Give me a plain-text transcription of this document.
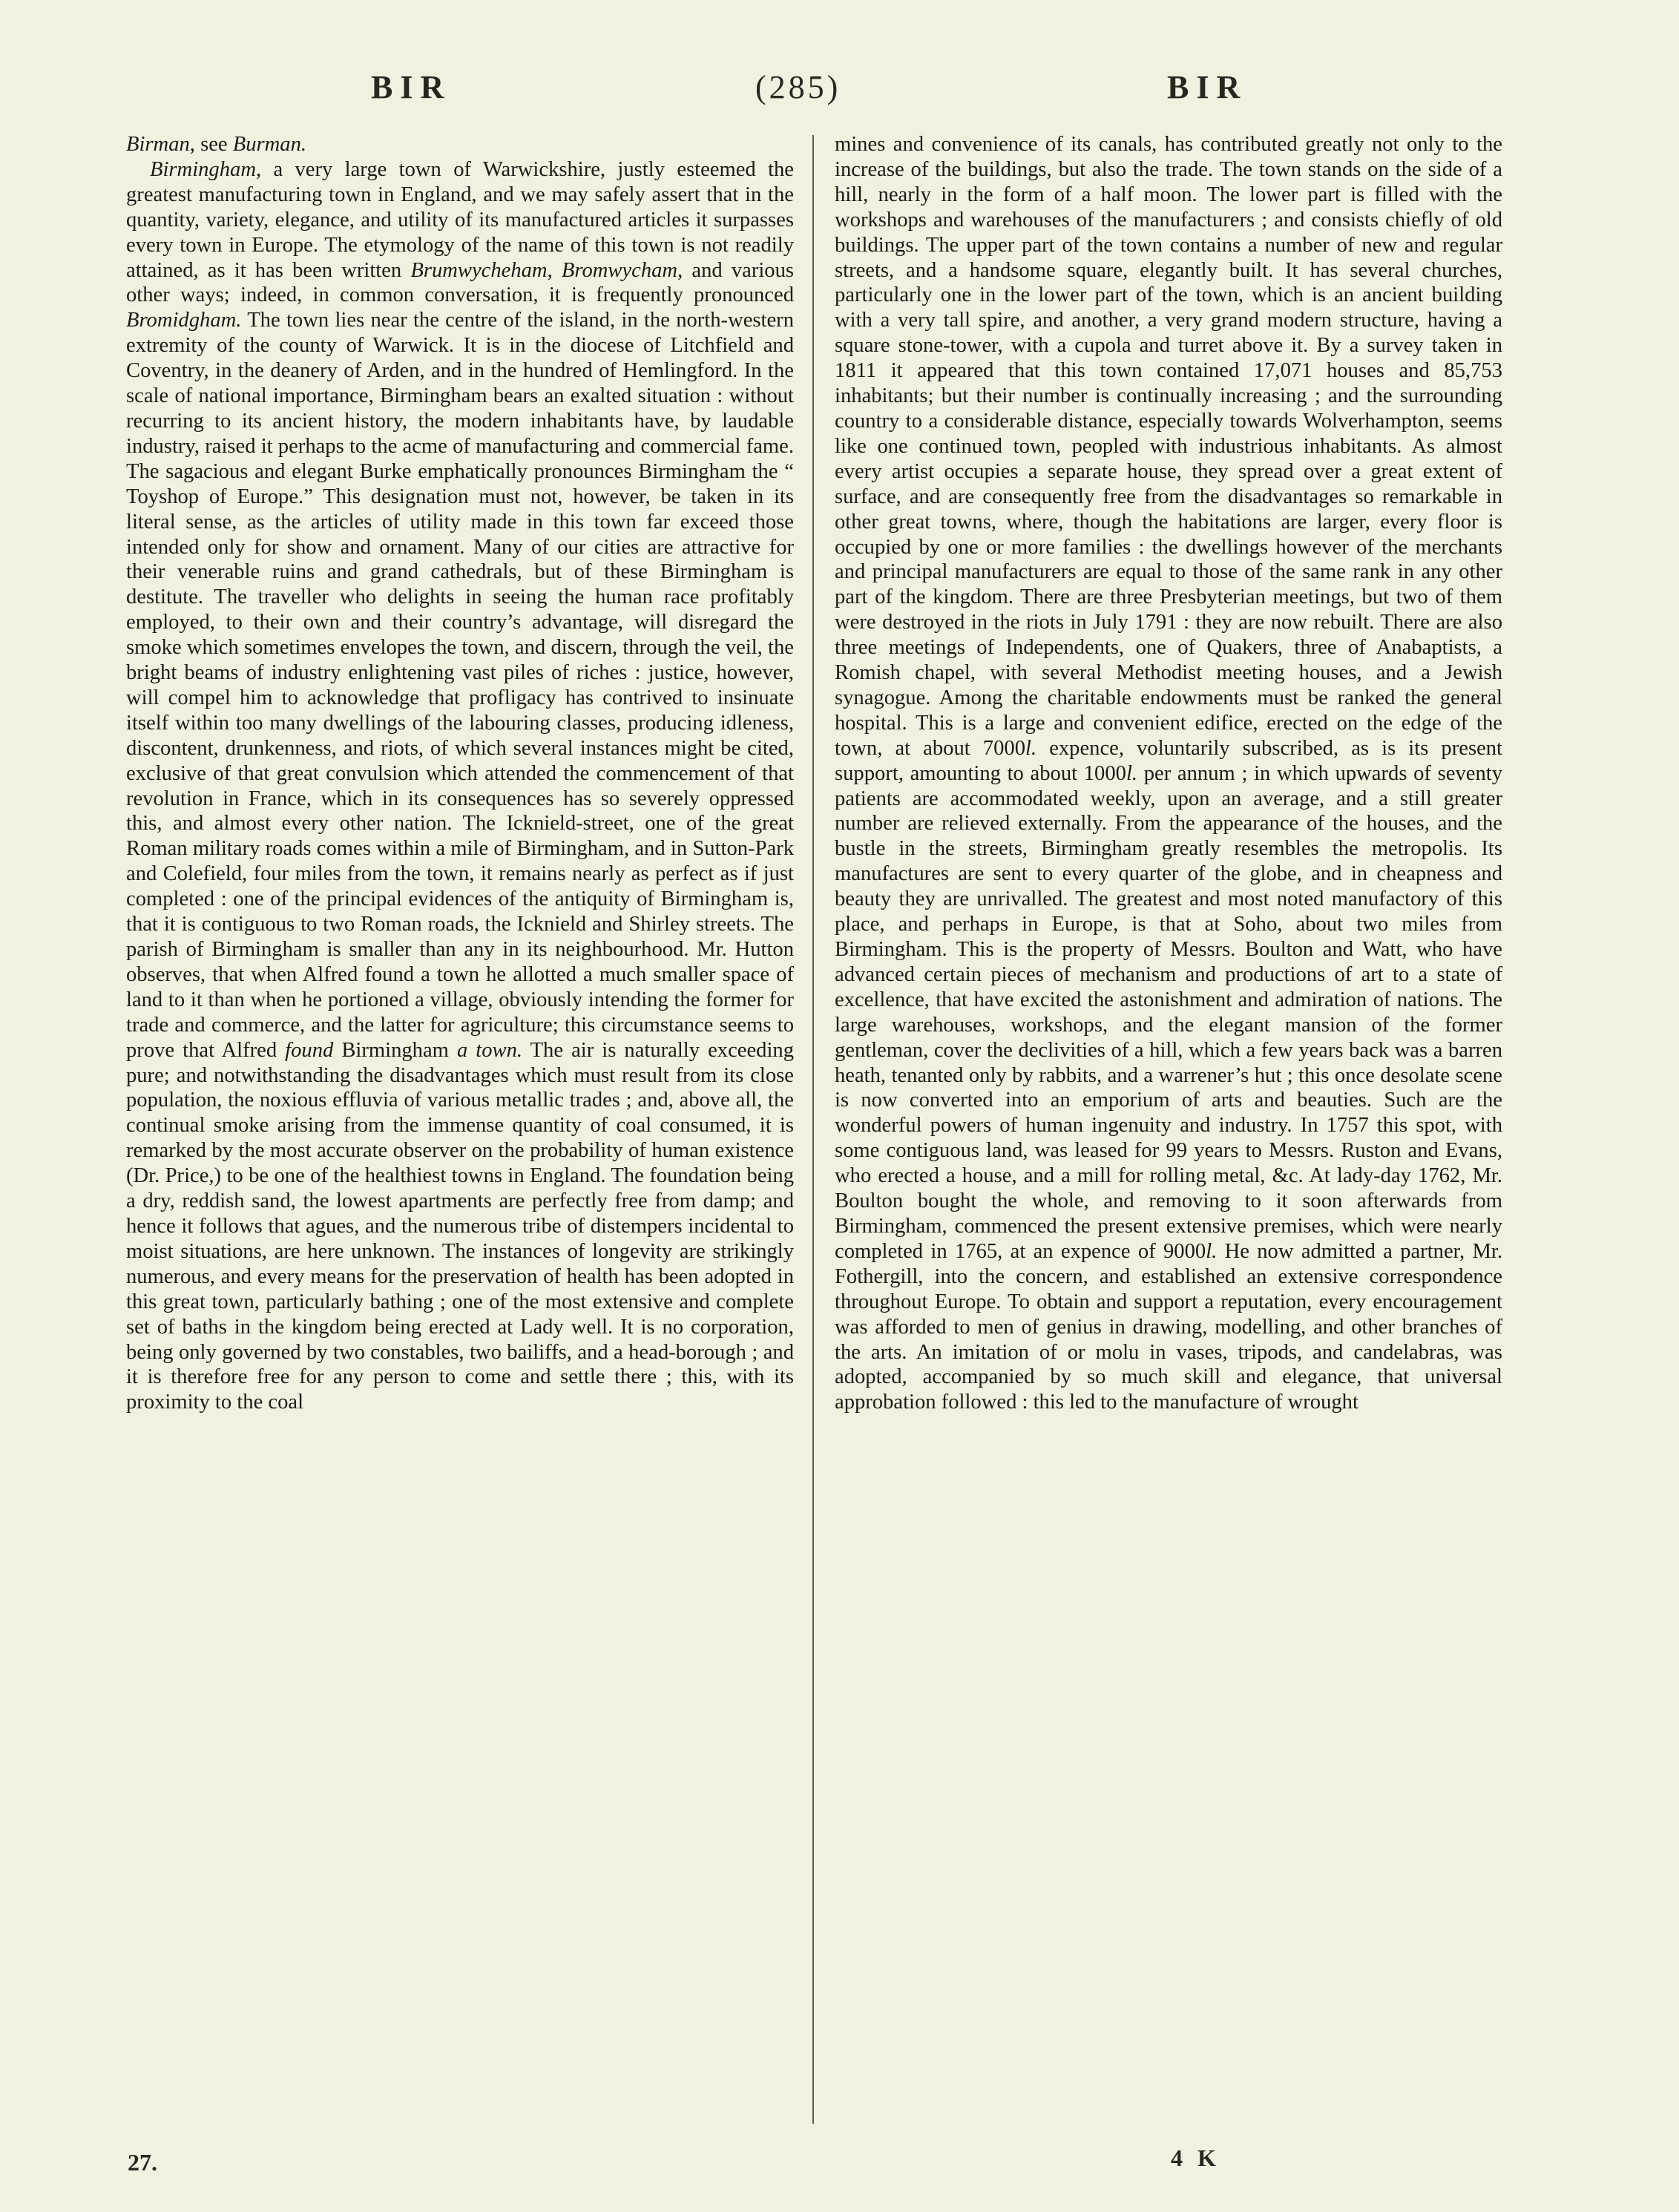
BIR	(285)	BIR

Birman, see Burman.

Birmingham, a very large town of Warwickshire, justly esteemed the greatest manufacturing town in England, and we may safely assert that in the quantity, variety, elegance, and utility of its manufactured articles it surpasses every town in Europe. The etymology of the name of this town is not readily attained, as it has been written Brumwycheham, Bromwycham, and various other ways; indeed, in common conversation, it is frequently pronounced Bromidgham. The town lies near the centre of the island, in the north-western extremity of the county of Warwick. It is in the diocese of Litchfield and Coventry, in the deanery of Arden, and in the hundred of Hemlingford. In the scale of national importance, Birmingham bears an exalted situation : without recurring to its ancient history, the modern inhabitants have, by laudable industry, raised it perhaps to the acme of manufacturing and commercial fame. The sagacious and elegant Burke emphatically pronounces Birmingham the “ Toyshop of Europe.” This designation must not, however, be taken in its literal sense, as the articles of utility made in this town far exceed those intended only for show and ornament. Many of our cities are attractive for their venerable ruins and grand cathedrals, but of these Birmingham is destitute. The traveller who delights in seeing the human race profitably employed, to their own and their country’s advantage, will disregard the smoke which sometimes envelopes the town, and discern, through the veil, the bright beams of industry enlightening vast piles of riches : justice, however, will compel him to acknowledge that profligacy has contrived to insinuate itself within too many dwellings of the labouring classes, producing idleness, discontent, drunkenness, and riots, of which several instances might be cited, exclusive of that great convulsion which attended the commencement of that revolution in France, which in its consequences has so severely oppressed this, and almost every other nation. The Icknield-street, one of the great Roman military roads comes within a mile of Birmingham, and in Sutton-Park and Colefield, four miles from the town, it remains nearly as perfect as if just completed : one of the principal evidences of the antiquity of Birmingham is, that it is contiguous to two Roman roads, the Icknield and Shirley streets. The parish of Birmingham is smaller than any in its neighbourhood. Mr. Hutton observes, that when Alfred found a town he allotted a much smaller space of land to it than when he portioned a village, obviously intending the former for trade and commerce, and the latter for agriculture; this circumstance seems to prove that Alfred found Birmingham a town. The air is naturally exceeding pure; and notwithstanding the disadvantages which must result from its close population, the noxious effluvia of various metallic trades ; and, above all, the continual smoke arising from the immense quantity of coal consumed, it is remarked by the most accurate observer on the probability of human existence (Dr. Price,) to be one of the healthiest towns in England. The foundation being a dry, reddish sand, the lowest apartments are perfectly free from damp; and hence it follows that agues, and the numerous tribe of distempers incidental to moist situations, are here unknown. The instances of longevity are strikingly numerous, and every means for the preservation of health has been adopted in this great town, particularly bathing ; one of the most extensive and complete set of baths in the kingdom being erected at Lady well. It is no corporation, being only governed by two constables, two bailiffs, and a head-borough ; and it is therefore free for any person to come and settle there ; this, with its proximity to the coal

mines and convenience of its canals, has contributed greatly not only to the increase of the buildings, but also the trade. The town stands on the side of a hill, nearly in the form of a half moon. The lower part is filled with the workshops and warehouses of the manufacturers ; and consists chiefly of old buildings. The upper part of the town contains a number of new and regular streets, and a handsome square, elegantly built. It has several churches, particularly one in the lower part of the town, which is an ancient building with a very tall spire, and another, a very grand modern structure, having a square stone-tower, with a cupola and turret above it. By a survey taken in 1811 it appeared that this town contained 17,071 houses and 85,753 inhabitants; but their number is continually increasing ; and the surrounding country to a considerable distance, especially towards Wolverhampton, seems like one continued town, peopled with industrious inhabitants. As almost every artist occupies a separate house, they spread over a great extent of surface, and are consequently free from the disadvantages so remarkable in other great towns, where, though the habitations are larger, every floor is occupied by one or more families : the dwellings however of the merchants and principal manufacturers are equal to those of the same rank in any other part of the kingdom. There are three Presbyterian meetings, but two of them were destroyed in the riots in July 1791 : they are now rebuilt. There are also three meetings of Independents, one of Quakers, three of Anabaptists, a Romish chapel, with several Methodist meeting houses, and a Jewish synagogue. Among the charitable endowments must be ranked the general hospital. This is a large and convenient edifice, erected on the edge of the town, at about 7000l. expence, voluntarily subscribed, as is its present support, amounting to about 1000l. per annum ; in which upwards of seventy patients are accommodated weekly, upon an average, and a still greater number are relieved externally. From the appearance of the houses, and the bustle in the streets, Birmingham greatly resembles the metropolis. Its manufactures are sent to every quarter of the globe, and in cheapness and beauty they are unrivalled. The greatest and most noted manufactory of this place, and perhaps in Europe, is that at Soho, about two miles from Birmingham. This is the property of Messrs. Boulton and Watt, who have advanced certain pieces of mechanism and productions of art to a state of excellence, that have excited the astonishment and admiration of nations. The large warehouses, workshops, and the elegant mansion of the former gentleman, cover the declivities of a hill, which a few years back was a barren heath, tenanted only by rabbits, and a warrener’s hut ; this once desolate scene is now converted into an emporium of arts and beauties. Such are the wonderful powers of human ingenuity and industry. In 1757 this spot, with some contiguous land, was leased for 99 years to Messrs. Ruston and Evans, who erected a house, and a mill for rolling metal, &c. At lady-day 1762, Mr. Boulton bought the whole, and removing to it soon afterwards from Birmingham, commenced the present extensive premises, which were nearly completed in 1765, at an expence of 9000l. He now admitted a partner, Mr. Fothergill, into the concern, and established an extensive correspondence throughout Europe. To obtain and support a reputation, every encouragement was afforded to men of genius in drawing, modelling, and other branches of the arts. An imitation of or molu in vases, tripods, and candelabras, was adopted, accompanied by so much skill and elegance, that universal approbation followed : this led to the manufacture of wrought

27.	4 K
